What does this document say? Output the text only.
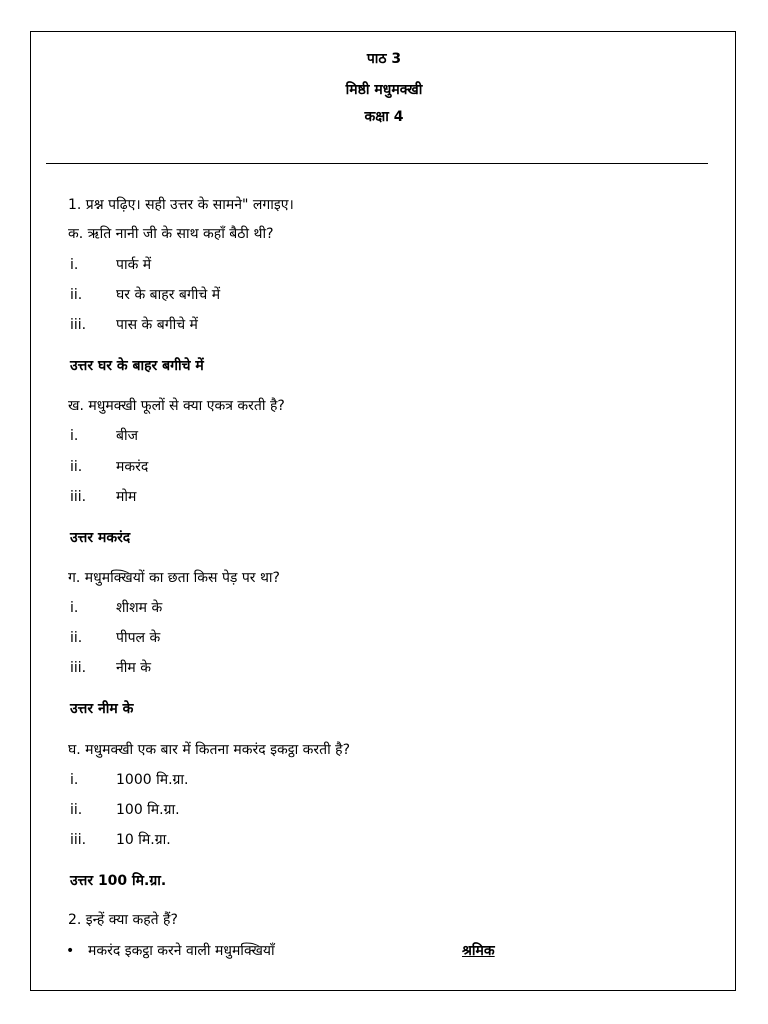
पाठ 3
मिष्ठी मधुमक्खी
कक्षा 4
1. प्रश्न पढ़िए। सही उत्तर के सामने" लगाइए।
क. ऋति नानी जी के साथ कहाँ बैठी थी?
i.	पार्क में
ii. घर के बाहर बगीचे में
iii. पास के बगीचे में
उत्तर घर के बाहर बगीचे में
ख. मधुमक्खी फूलों से क्या एकत्र करती है?
i.	बीज
ii. मकरंद
iii. मोम
उत्तर मकरंद
ग. मधुमक्खियों का छता किस पेड़ पर था?
i.	शीशम के
ii. पीपल के
iii. नीम के
उत्तर नीम के
घ. मधुमक्खी एक बार में कितना मकरंद इकट्ठा करती है?
i.	1000 मि.ग्रा.
ii. 100 मि.ग्रा.
iii. 10 मि.ग्रा.
उत्तर 100 मि.ग्रा.
2. इन्हें क्या कहते हैं?
• मकरंद इकट्ठा करने वाली मधुमक्खियाँ	श्रमिक
